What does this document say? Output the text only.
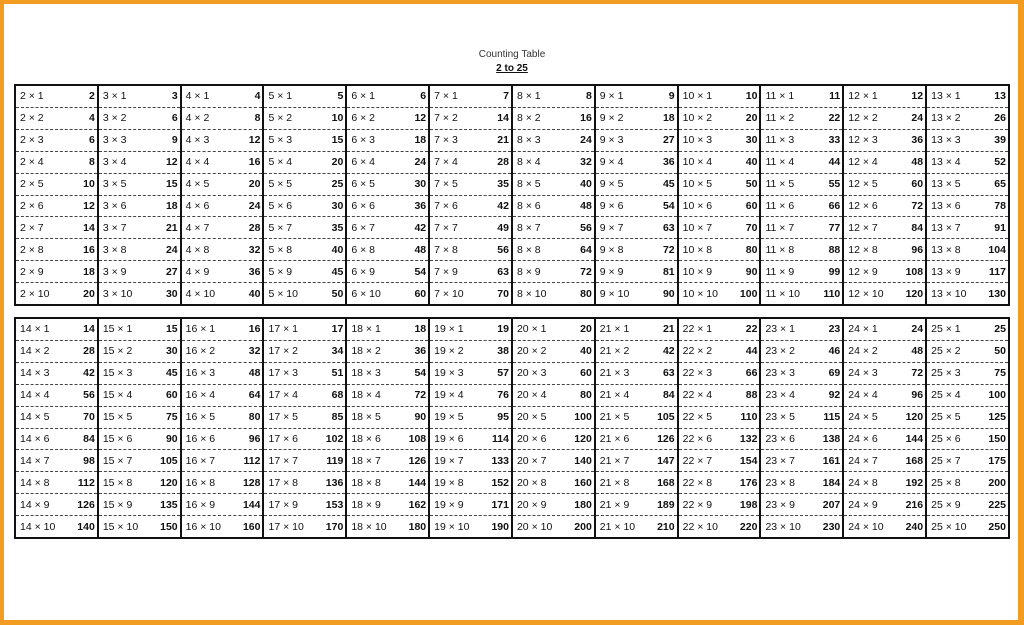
Counting Table
2 to 25
2 × 1	2
2 × 2	4
2 × 3	6
2 × 4	8
2 × 5	10
2 × 6	12
2 × 7	14
2 × 8	16
2 × 9	18
2 × 10	20
3 × 1	3
3 × 2	6
3 × 3	9
3 × 4	12
3 × 5	15
3 × 6	18
3 × 7	21
3 × 8	24
3 × 9	27
3 × 10	30
4 × 1	4
4 × 2	8
4 × 3	12
4 × 4	16
4 × 5	20
4 × 6	24
4 × 7	28
4 × 8	32
4 × 9	36
4 × 10	40
5 × 1	5
5 × 2	10
5 × 3	15
5 × 4	20
5 × 5	25
5 × 6	30
5 × 7	35
5 × 8	40
5 × 9	45
5 × 10	50
6 × 1	6
6 × 2	12
6 × 3	18
6 × 4	24
6 × 5	30
6 × 6	36
6 × 7	42
6 × 8	48
6 × 9	54
6 × 10	60
7 × 1	7
7 × 2	14
7 × 3	21
7 × 4	28
7 × 5	35
7 × 6	42
7 × 7	49
7 × 8	56
7 × 9	63
7 × 10	70
8 × 1	8
8 × 2	16
8 × 3	24
8 × 4	32
8 × 5	40
8 × 6	48
8 × 7	56
8 × 8	64
8 × 9	72
8 × 10	80
9 × 1	9
9 × 2	18
9 × 3	27
9 × 4	36
9 × 5	45
9 × 6	54
9 × 7	63
9 × 8	72
9 × 9	81
9 × 10	90
10 × 1	10
10 × 2	20
10 × 3	30
10 × 4	40
10 × 5	50
10 × 6	60
10 × 7	70
10 × 8	80
10 × 9	90
10 × 10	100
11 × 1	11
11 × 2	22
11 × 3	33
11 × 4	44
11 × 5	55
11 × 6	66
11 × 7	77
11 × 8	88
11 × 9	99
11 × 10	110
12 × 1	12
12 × 2	24
12 × 3	36
12 × 4	48
12 × 5	60
12 × 6	72
12 × 7	84
12 × 8	96
12 × 9	108
12 × 10	120
13 × 1	13
13 × 2	26
13 × 3	39
13 × 4	52
13 × 5	65
13 × 6	78
13 × 7	91
13 × 8	104
13 × 9	117
13 × 10	130
14 × 1	14
14 × 2	28
14 × 3	42
14 × 4	56
14 × 5	70
14 × 6	84
14 × 7	98
14 × 8	112
14 × 9	126
14 × 10	140
15 × 1	15
15 × 2	30
15 × 3	45
15 × 4	60
15 × 5	75
15 × 6	90
15 × 7	105
15 × 8	120
15 × 9	135
15 × 10	150
16 × 1	16
16 × 2	32
16 × 3	48
16 × 4	64
16 × 5	80
16 × 6	96
16 × 7	112
16 × 8	128
16 × 9	144
16 × 10	160
17 × 1	17
17 × 2	34
17 × 3	51
17 × 4	68
17 × 5	85
17 × 6	102
17 × 7	119
17 × 8	136
17 × 9	153
17 × 10	170
18 × 1	18
18 × 2	36
18 × 3	54
18 × 4	72
18 × 5	90
18 × 6	108
18 × 7	126
18 × 8	144
18 × 9	162
18 × 10	180
19 × 1	19
19 × 2	38
19 × 3	57
19 × 4	76
19 × 5	95
19 × 6	114
19 × 7	133
19 × 8	152
19 × 9	171
19 × 10	190
20 × 1	20
20 × 2	40
20 × 3	60
20 × 4	80
20 × 5	100
20 × 6	120
20 × 7	140
20 × 8	160
20 × 9	180
20 × 10	200
21 × 1	21
21 × 2	42
21 × 3	63
21 × 4	84
21 × 5	105
21 × 6	126
21 × 7	147
21 × 8	168
21 × 9	189
21 × 10	210
22 × 1	22
22 × 2	44
22 × 3	66
22 × 4	88
22 × 5	110
22 × 6	132
22 × 7	154
22 × 8	176
22 × 9	198
22 × 10	220
23 × 1	23
23 × 2	46
23 × 3	69
23 × 4	92
23 × 5	115
23 × 6	138
23 × 7	161
23 × 8	184
23 × 9	207
23 × 10	230
24 × 1	24
24 × 2	48
24 × 3	72
24 × 4	96
24 × 5	120
24 × 6	144
24 × 7	168
24 × 8	192
24 × 9	216
24 × 10	240
25 × 1	25
25 × 2	50
25 × 3	75
25 × 4	100
25 × 5	125
25 × 6	150
25 × 7	175
25 × 8	200
25 × 9	225
25 × 10	250
